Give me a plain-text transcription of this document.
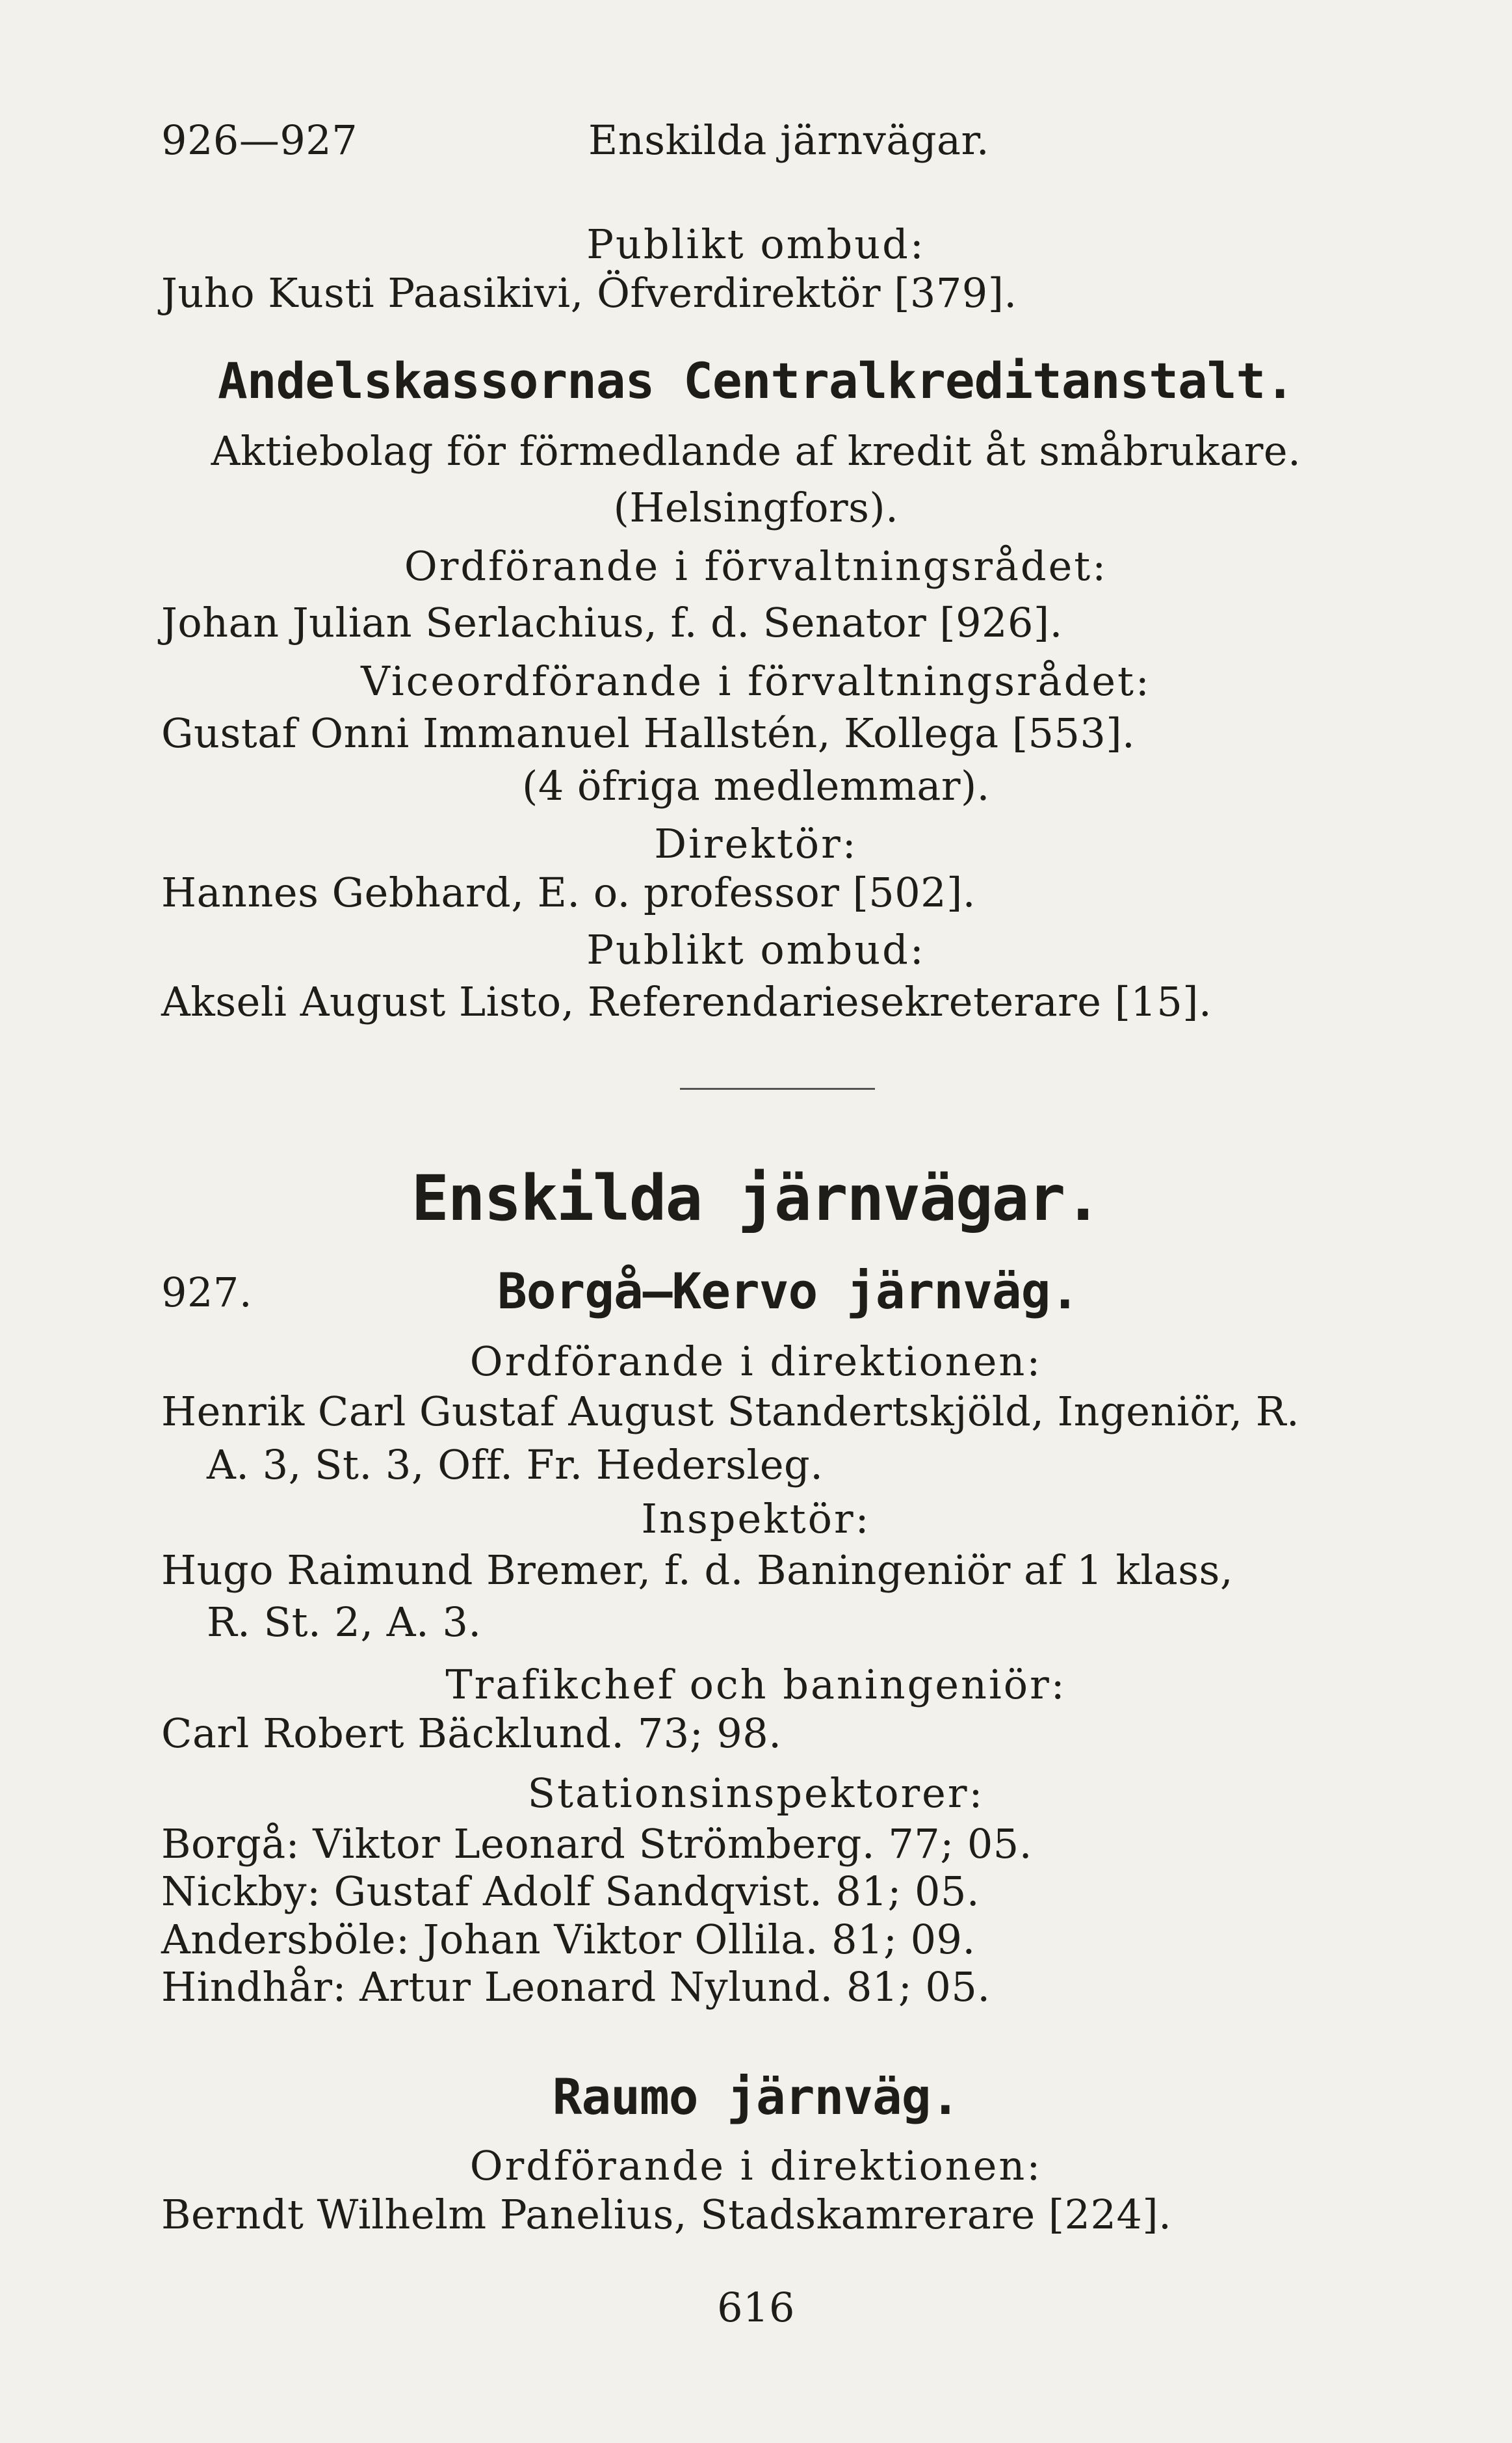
926—927	Enskilda järnvägar.
Publikt ombud:
Juho Kusti Paasikivi, Öfverdirektör [379].
Andelskassornas Centralkreditanstalt.
Aktiebolag för förmedlande af kredit åt småbrukare.
(Helsingfors).
Ordförande i förvaltningsrådet:
Johan Julian Serlachius, f. d. Senator [926].
Viceordförande i förvaltningsrådet:
Gustaf Onni Immanuel Hallstén, Kollega [553].
(4 öfriga medlemmar).
Direktör:
Hannes Gebhard, E. o. professor [502].
Publikt ombud:
Akseli August Listo, Referendariesekreterare [15].
Enskilda järnvägar.
927.	Borgå—Kervo järnväg.
Ordförande i direktionen:
Henrik Carl Gustaf August Standertskjöld, Ingeniör, R.
A. 3, St. 3, Off. Fr. Hedersleg.
Inspektör:
Hugo Raimund Bremer, f. d. Baningeniör af 1 klass,
R. St. 2, A. 3.
Trafikchef och baningeniör:
Carl Robert Bäcklund. 73; 98.
Stationsinspektorer:
Borgå: Viktor Leonard Strömberg. 77; 05.
Nickby: Gustaf Adolf Sandqvist. 81; 05.
Andersböle: Johan Viktor Ollila. 81; 09.
Hindhår: Artur Leonard Nylund. 81; 05.
Raumo järnväg.
Ordförande i direktionen:
Berndt Wilhelm Panelius, Stadskamrerare [224].
616
